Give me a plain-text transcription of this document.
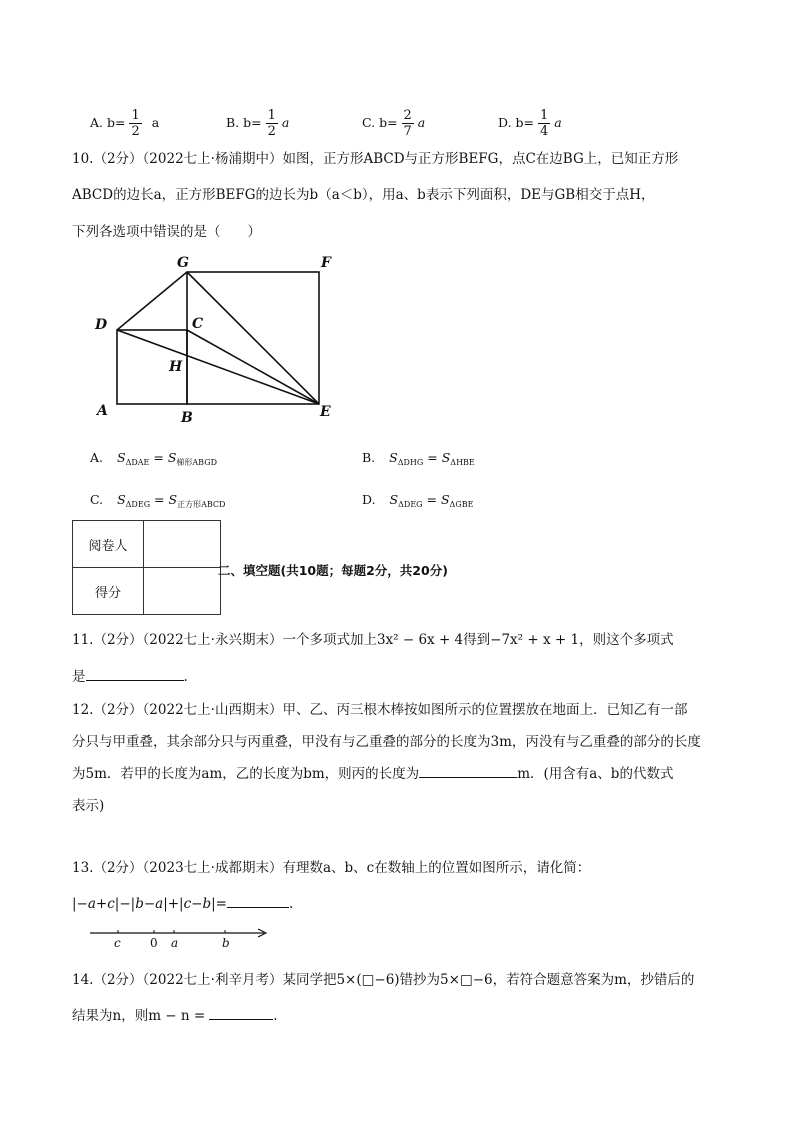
A. $b= \frac{1}{2}$ a	B. $b= \frac{1}{2}$ a	C. $b= \frac{2}{7}$ a	D. $b= \frac{1}{4}$ a
10.（2分）（2022七上·杨浦期中）如图，正方形ABCD与正方形BEFG，点C在边BG上，已知正方形
ABCD的边长a，正方形BEFG的边长为b（a＜b），用a、b表示下列面积，DE与GB相交于点H，
下列各选项中错误的是（　　）
G	F
D	C
H
A	B	E
A. $S_{\Delta DAE} = S_{梯形ABGD}$	B. $S_{\Delta DHG} = S_{\Delta HBE}$
C. $S_{\Delta DEG} = S_{正方形ABCD}$	D. $S_{\Delta DEG} = S_{\Delta GBE}$
阅卷人	
得分	
二、填空题(共10题；每题2分，共20分)
11.（2分）（2022七上·永兴期末）一个多项式加上3x² − 6x + 4得到−7x² + x + 1，则这个多项式
是	.
12.（2分）（2022七上·山西期末）甲、乙、丙三根木棒按如图所示的位置摆放在地面上．已知乙有一部
分只与甲重叠，其余部分只与丙重叠，甲没有与乙重叠的部分的长度为3m，丙没有与乙重叠的部分的长度
为5m．若甲的长度为am，乙的长度为bm，则丙的长度为	m．(用含有a、b的代数式
表示)
13.（2分）（2023七上·成都期末）有理数a、b、c在数轴上的位置如图所示，请化简：
|−a+c|−|b−a|+|c−b|=	.
c 0 a	b
14.（2分）（2022七上·利辛月考）某同学把5×(□−6)错抄为5×□−6，若符合题意答案为m，抄错后的
结果为n，则m − n =	.
